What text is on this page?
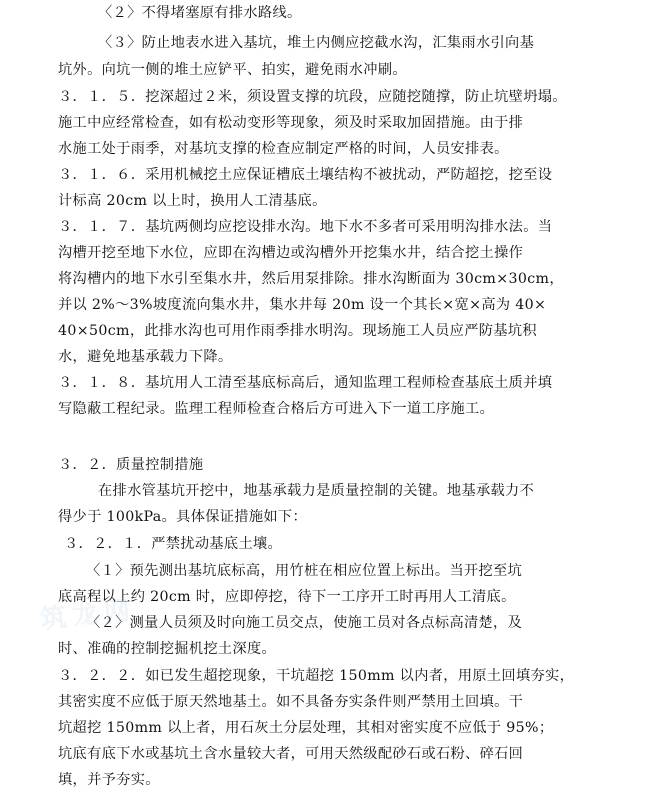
〈２〉不得堵塞原有排水路线。
〈３〉防止地表水进入基坑，堆土内侧应挖截水沟，汇集雨水引向基
坑外。向坑一侧的堆土应铲平、拍实，避免雨水冲刷。
３．１．５．挖深超过２米，须设置支撑的坑段，应随挖随撑，防止坑壁坍塌。
施工中应经常检查，如有松动变形等现象，须及时采取加固措施。由于排
水施工处于雨季，对基坑支撑的检查应制定严格的时间，人员安排表。
３．１．６．采用机械挖土应保证槽底土壤结构不被扰动，严防超挖，挖至设
计标高 20cm 以上时，换用人工清基底。
３．１．７．基坑两侧均应挖设排水沟。地下水不多者可采用明沟排水法。当
沟槽开挖至地下水位，应即在沟槽边或沟槽外开挖集水井，结合挖土操作
将沟槽内的地下水引至集水井，然后用泵排除。排水沟断面为 30cm×30cm，
并以 2%～3%坡度流向集水井，集水井每 20m 设一个其长×宽×高为 40×
40×50cm，此排水沟也可用作雨季排水明沟。现场施工人员应严防基坑积
水，避免地基承载力下降。
３．１．８．基坑用人工清至基底标高后，通知监理工程师检查基底土质并填
写隐蔽工程纪录。监理工程师检查合格后方可进入下一道工序施工。
３．２．质量控制措施
在排水管基坑开挖中，地基承载力是质量控制的关键。地基承载力不
得少于 100kPa。具体保证措施如下：
３．２．１．严禁扰动基底土壤。
〈１〉预先测出基坑底标高，用竹桩在相应位置上标出。当开挖至坑
底高程以上约 20cm 时，应即停挖，待下一工序开工时再用人工清底。
〈２〉测量人员须及时向施工员交点，使施工员对各点标高清楚，及
时、准确的控制挖掘机挖土深度。
３．２．２．如已发生超挖现象，干坑超挖 150mm 以内者，用原土回填夯实，
其密实度不应低于原天然地基土。如不具备夯实条件则严禁用土回填。干
坑超挖 150mm 以上者，用石灰土分层处理，其相对密实度不应低于 95%；
坑底有底下水或基坑土含水量较大者，可用天然级配砂石或石粉、碎石回
填，并予夯实。
筑龙网
